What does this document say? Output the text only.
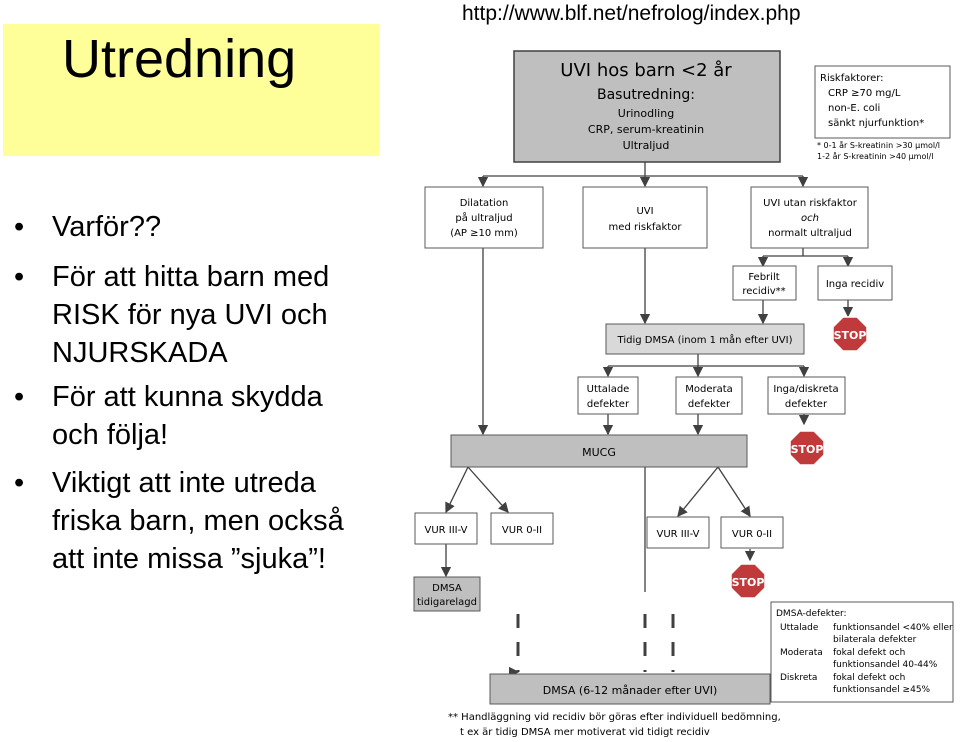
http://www.blf.net/nefrolog/index.php
Utredning
• Varför??
• För att hitta barn med RISK för nya UVI och NJURSKADA
• För att kunna skydda och följa!
• Viktigt att inte utreda friska barn, men också att inte missa ”sjuka”!
UVI hos barn <2 år
Basutredning:
Urinodling
CRP, serum-kreatinin
Ultraljud
Riskfaktorer:
CRP ≥70 mg/L
non-E. coli
sänkt njurfunktion*
* 0-1 år S-kreatinin >30 µmol/l
1-2 år S-kreatinin >40 µmol/l
Dilatation
på ultraljud
(AP ≥10 mm)
UVI
med riskfaktor
UVI utan riskfaktor
och
normalt ultraljud
Febrilt
recidiv**
Inga recidiv
STOP
STOP
STOP
Tidig DMSA (inom 1 mån efter UVI)
Uttalade
defekter
Moderata
defekter
Inga/diskreta
defekter
MUCG
VUR III-V	VUR 0-II	VUR III-V	VUR 0-II
DMSA
tidigarelagd
DMSA-defekter:
Uttalade funktionsandel <40% eller
bilaterala defekter
Moderata fokal defekt och
funktionsandel 40-44%
Diskreta fokal defekt och
funktionsandel ≥45%
DMSA (6-12 månader efter UVI)
** Handläggning vid recidiv bör göras efter individuell bedömning,
t ex är tidig DMSA mer motiverat vid tidigt recidiv
